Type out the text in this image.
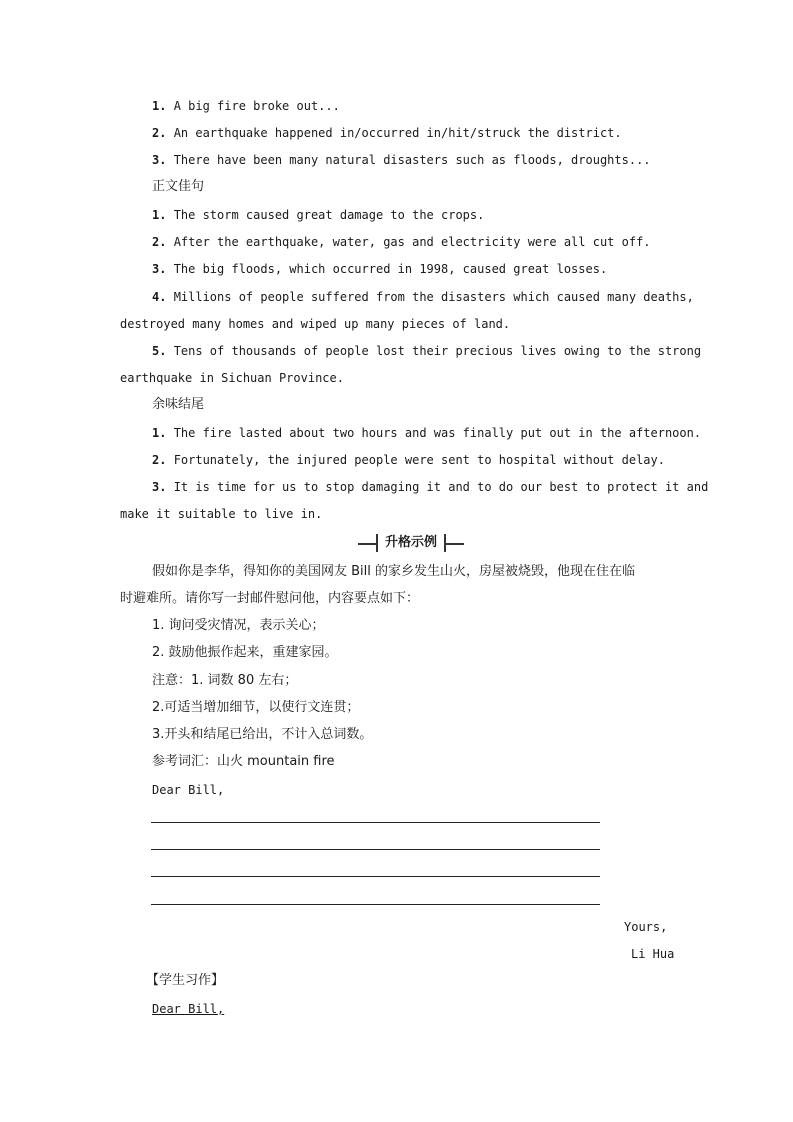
1. A big fire broke out...
2. An earthquake happened in/occurred in/hit/struck the district.
3. There have been many natural disasters such as floods, droughts...
正文佳句
1. The storm caused great damage to the crops.
2. After the earthquake, water, gas and electricity were all cut off.
3. The big floods, which occurred in 1998, caused great losses.
4. Millions of people suffered from the disasters which caused many deaths,
destroyed many homes and wiped up many pieces of land.
5. Tens of thousands of people lost their precious lives owing to the strong
earthquake in Sichuan Province.
余味结尾
1. The fire lasted about two hours and was finally put out in the afternoon.
2. Fortunately, the injured people were sent to hospital without delay.
3. It is time for us to stop damaging it and to do our best to protect it and
make it suitable to live in.
升格示例
假如你是李华，得知你的美国网友 Bill 的家乡发生山火，房屋被烧毁，他现在住在临
时避难所。请你写一封邮件慰问他，内容要点如下：
1. 询问受灾情况，表示关心；
2. 鼓励他振作起来，重建家园。
注意：1. 词数 80 左右；
2.可适当增加细节，以使行文连贯；
3.开头和结尾已给出，不计入总词数。
参考词汇：山火 mountain fire
Dear Bill,
Yours,
Li Hua
【学生习作】
Dear Bill,
